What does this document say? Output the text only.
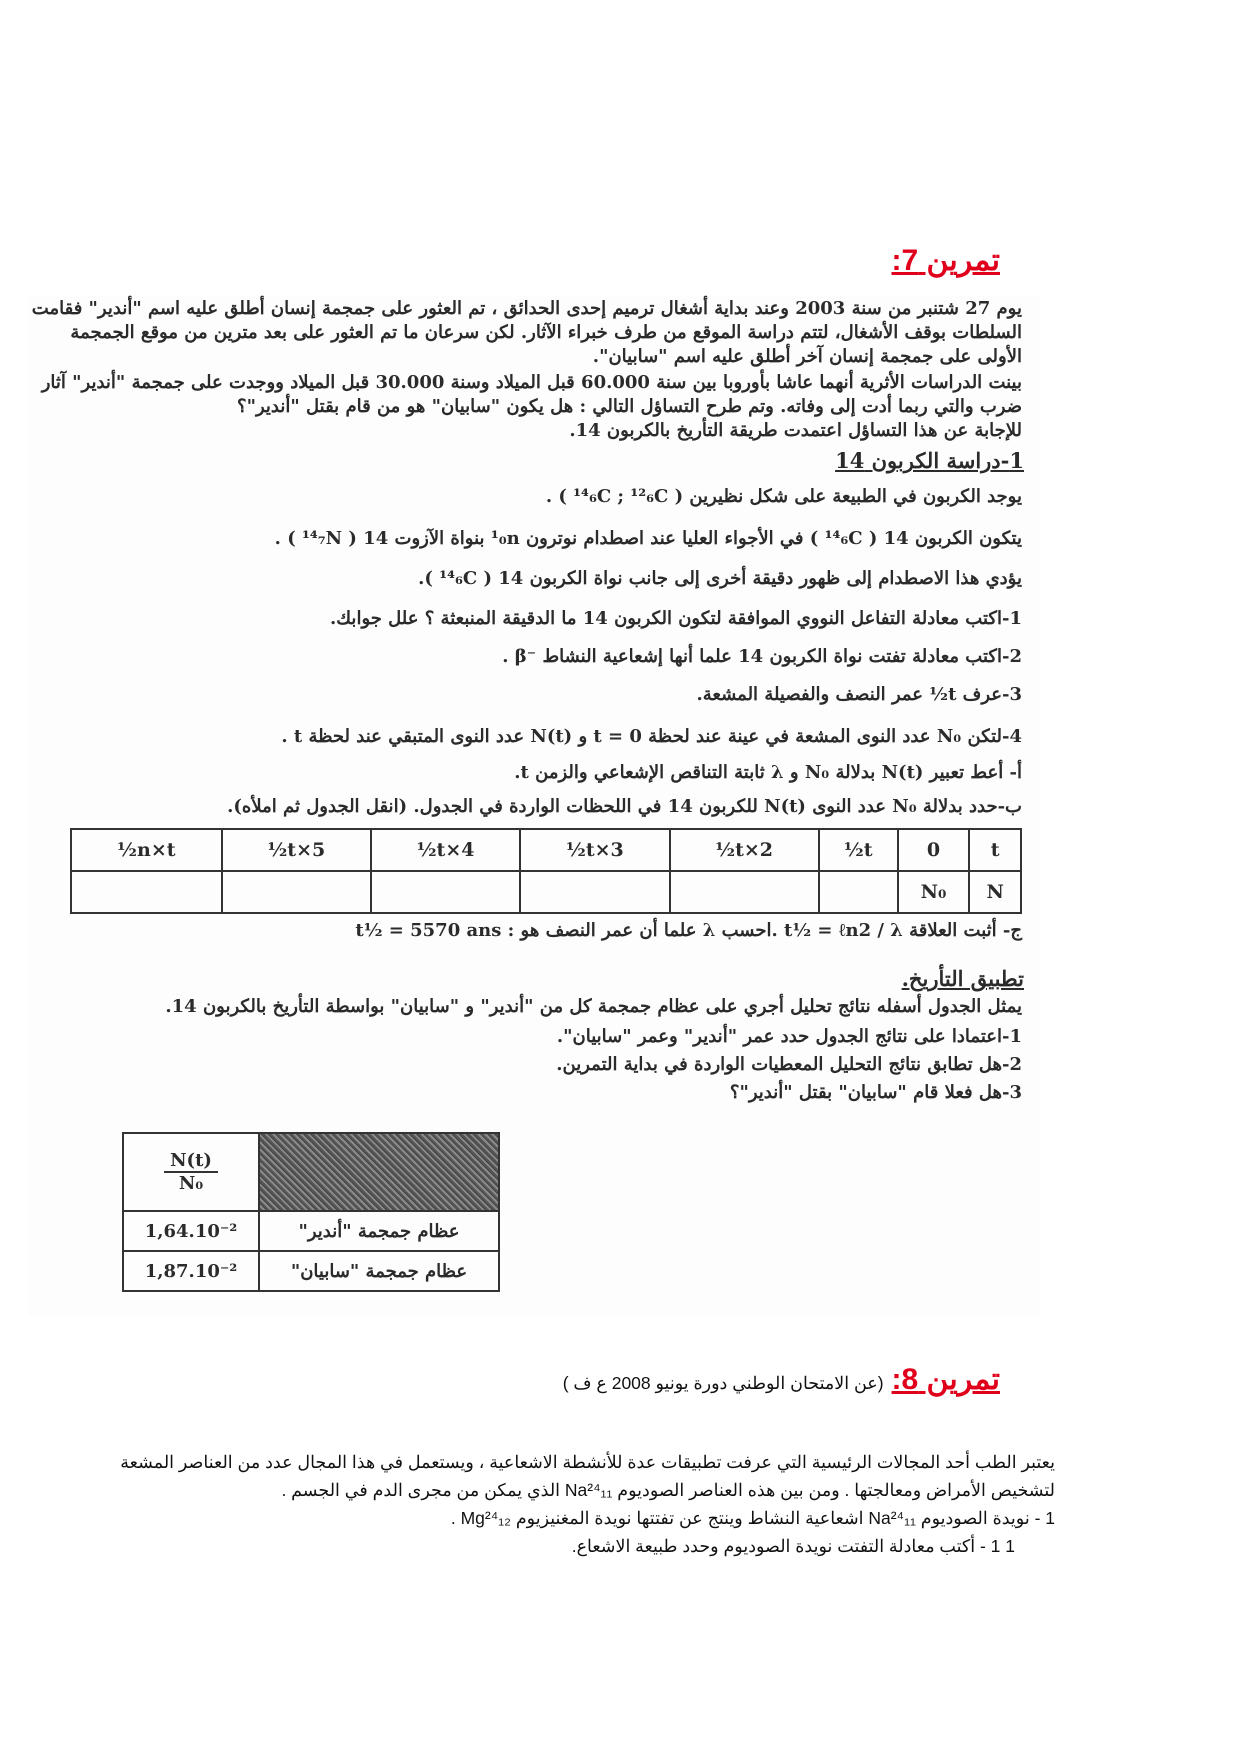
تمرين 7:

يوم 27 شتنبر من سنة 2003 وعند بداية أشغال ترميم إحدى الحدائق ، تم العثور على جمجمة إنسان أطلق عليه اسم "أندير" فقامت

السلطات بوقف الأشغال، لتتم دراسة الموقع من طرف خبراء الآثار. لكن سرعان ما تم العثور على بعد مترين من موقع الجمجمة

الأولى على جمجمة إنسان آخر أطلق عليه اسم "سابيان".

بينت الدراسات الأثرية أنهما عاشا بأوروبا بين سنة 60.000 قبل الميلاد وسنة 30.000 قبل الميلاد ووجدت على جمجمة "أندير" آثار

ضرب والتي ربما أدت إلى وفاته. وتم طرح التساؤل التالي : هل يكون "سابيان" هو من قام بقتل "أندير"؟

للإجابة عن هذا التساؤل اعتمدت طريقة التأريخ بالكربون 14.

1-دراسة الكربون 14

يوجد الكربون في الطبيعة على شكل نظيرين ( ¹⁴₆C ; ¹²₆C ) .

يتكون الكربون 14 ( ¹⁴₆C ) في الأجواء العليا عند اصطدام نوترون ¹₀n بنواة الآزوت 14 ( ¹⁴₇N ) .

يؤدي هذا الاصطدام إلى ظهور دقيقة أخرى إلى جانب نواة الكربون 14 ( ¹⁴₆C ).

1-اكتب معادلة التفاعل النووي الموافقة لتكون الكربون 14 ما الدقيقة المنبعثة ؟ علل جوابك.

2-اكتب معادلة تفتت نواة الكربون 14 علما أنها إشعاعية النشاط ⁻β .

3-عرف t½ عمر النصف والفصيلة المشعة.

4-لتكن N₀ عدد النوى المشعة في عينة عند لحظة t = 0 و N(t) عدد النوى المتبقي عند لحظة t .

أ- أعط تعبير N(t) بدلالة N₀ و λ ثابتة التناقص الإشعاعي والزمن t.

ب-حدد بدلالة N₀ عدد النوى N(t) للكربون 14 في اللحظات الواردة في الجدول. (انقل الجدول ثم املأه).

t	0	t½	2×t½	3×t½	4×t½	5×t½	n×t½
N	N₀						

ج- أثبت العلاقة t½ = ℓn2 / λ .احسب λ علما أن عمر النصف هو : t½ = 5570 ans

تطبيق التأريخ.

يمثل الجدول أسفله نتائج تحليل أجري على عظام جمجمة كل من "أندير" و "سابيان" بواسطة التأريخ بالكربون 14.

1-اعتمادا على نتائج الجدول حدد عمر "أندير" وعمر "سابيان".

2-هل تطابق نتائج التحليل المعطيات الواردة في بداية التمرين.

3-هل فعلا قام "سابيان" بقتل "أندير"؟

$\frac{N(t)}{\text{N₀}}$	
1,64.10⁻²	عظام جمجمة "أندير"
1,87.10⁻²	عظام جمجمة "سابيان"
تمرين 8:
(عن الامتحان الوطني دورة يونيو 2008 ع ف )
يعتبر الطب أحد المجالات الرئيسية التي عرفت تطبيقات عدة للأنشطة الاشعاعية ، ويستعمل في هذا المجال عدد من العناصر المشعة
لتشخيص الأمراض ومعالجتها . ومن بين هذه العناصر الصوديوم Na²⁴₁₁ الذي يمكن من مجرى الدم في الجسم .
1 - نويدة الصوديوم Na²⁴₁₁ اشعاعية النشاط وينتج عن تفتتها نويدة المغنيزيوم Mg²⁴₁₂ .
1 1 - أكتب معادلة التفتت نويدة الصوديوم وحدد طبيعة الاشعاع.
